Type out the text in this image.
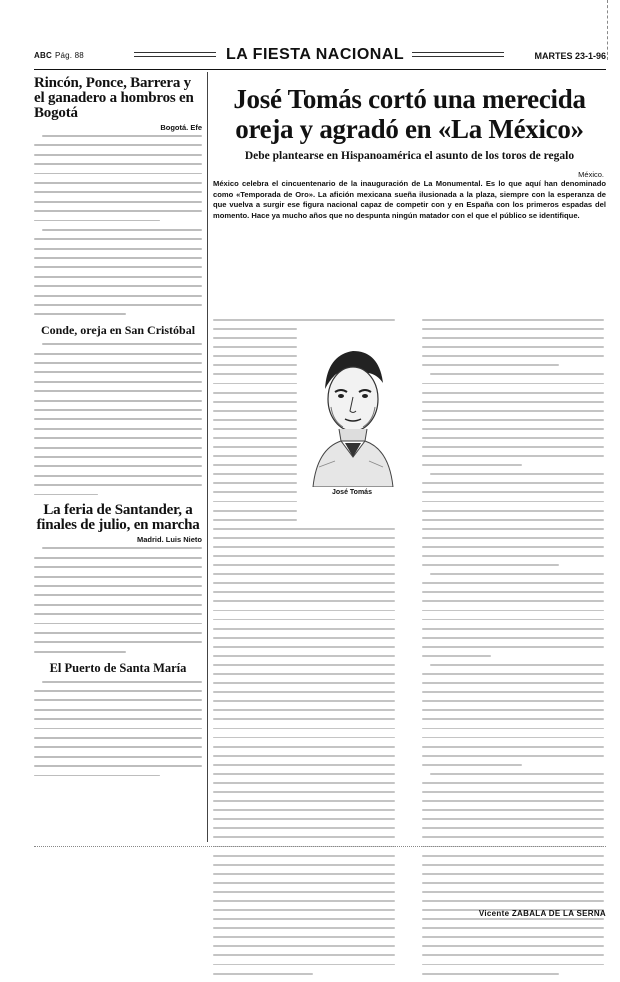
ABC Pág. 88	LA FIESTA NACIONAL	MARTES 23-1-96
Rincón, Ponce, Barrera y el ganadero a hombros en Bogotá
Bogotá. Efe
Conde, oreja en San Cristóbal
La feria de Santander, a finales de julio, en marcha
Madrid. Luis Nieto
El Puerto de Santa María
José Tomás cortó una merecida oreja y agradó en «La México»
Debe plantearse en Hispanoamérica el asunto de los toros de regalo
México.
México celebra el cincuentenario de la inauguración de La Monumental. Es lo que aquí han denominado como «Temporada de Oro». La afición mexicana sueña ilusionada a la plaza, siempre con la esperanza de que vuelva a surgir ese figura nacional capaz de competir con y en España con los primeros espadas del momento. Hace ya mucho años que no despunta ningún matador con el que el público se identifique.
José Tomás
Vicente ZABALA DE LA SERNA
